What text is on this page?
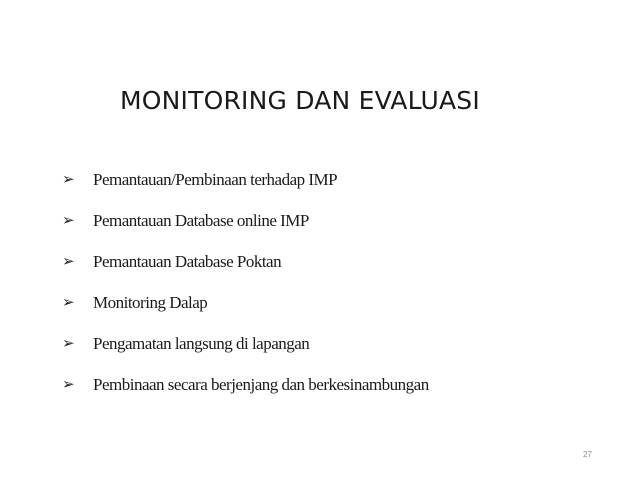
MONITORING DAN EVALUASI
➢	Pemantauan/Pembinaan terhadap IMP
➢	Pemantauan Database online IMP
➢	Pemantauan Database Poktan
➢	Monitoring Dalap
➢	Pengamatan langsung di lapangan
➢	Pembinaan secara berjenjang dan berkesinambungan
27
